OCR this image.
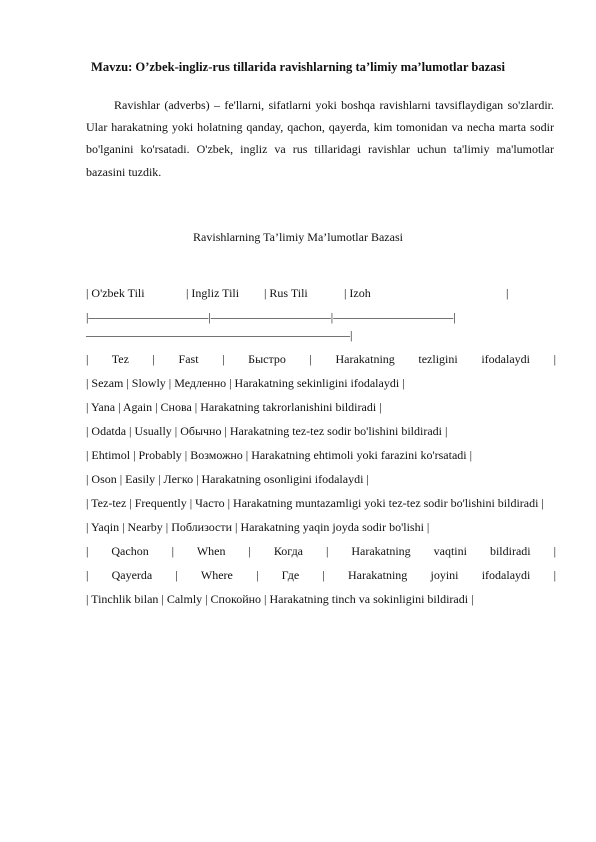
Mavzu: O’zbek-ingliz-rus tillarida ravishlarning ta’limiy ma’lumotlar bazasi

Ravishlar (adverbs) – fe'llarni, sifatlarni yoki boshqa ravishlarni tavsiflaydigan so'zlardir. Ular harakatning yoki holatning qanday, qachon, qayerda, kim tomonidan va necha marta sodir bo'lganini ko'rsatadi. O'zbek, ingliz va rus tillaridagi ravishlar uchun ta'limiy ma'lumotlar bazasini tuzdik.

Ravishlarning Ta’limiy Ma’lumotlar Bazasi
| O'zbek Tili	| Ingliz Tili | Rus Tili	| Izoh	|
|——————————|——————————|——————————|——————————————————————|
| Tez | Fast | Быстро | Harakatning tezligini ifodalaydi |
| Sezam | Slowly | Медленно | Harakatning sekinligini ifodalaydi |
| Yana | Again | Снова | Harakatning takrorlanishini bildiradi |
| Odatda | Usually | Обычно | Harakatning tez-tez sodir bo'lishini bildiradi |
| Ehtimol | Probably | Возможно | Harakatning ehtimoli yoki farazini ko'rsatadi |
| Oson | Easily | Легко | Harakatning osonligini ifodalaydi |
| Tez-tez | Frequently | Часто | Harakatning muntazamligi yoki tez-tez sodir bo'lishini bildiradi |
| Yaqin | Nearby | Поблизости | Harakatning yaqin joyda sodir bo'lishi |
| Qachon | When | Когда | Harakatning vaqtini bildiradi |
| Qayerda | Where | Где | Harakatning joyini ifodalaydi |
| Tinchlik bilan | Calmly | Спокойно | Harakatning tinch va sokinligini bildiradi |
